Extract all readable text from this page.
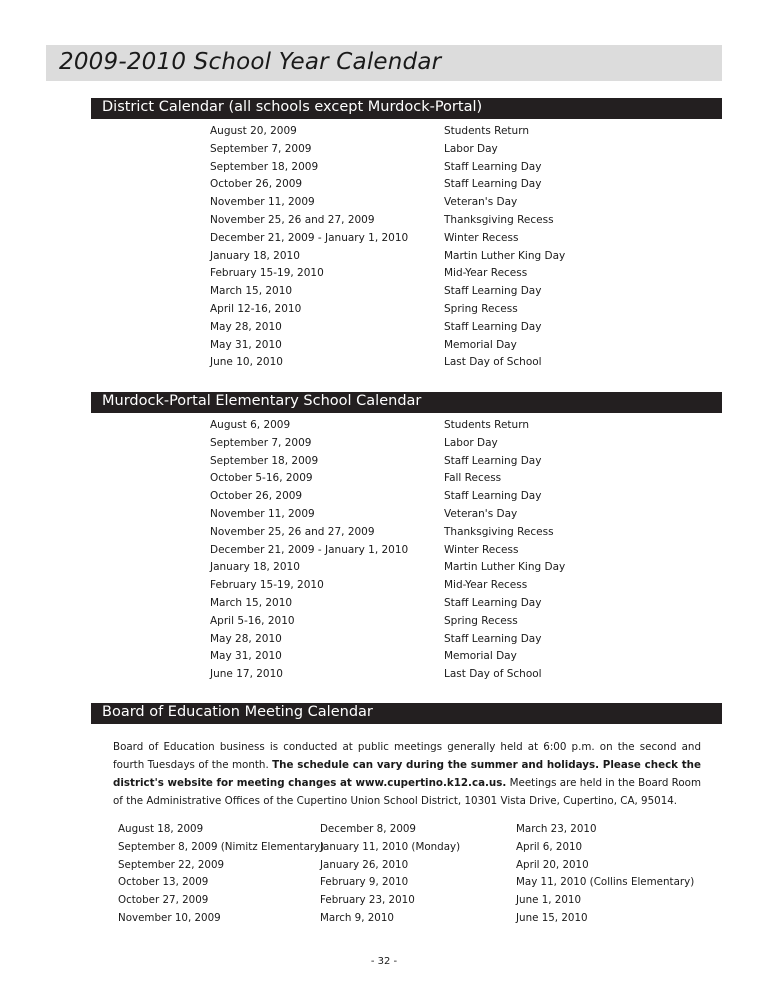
2009-2010 School Year Calendar
District Calendar (all schools except Murdock-Portal)
August 20, 2009	Students Return
September 7, 2009	Labor Day
September 18, 2009	Staff Learning Day
October 26, 2009	Staff Learning Day
November 11, 2009	Veteran's Day
November 25, 26 and 27, 2009	Thanksgiving Recess
December 21, 2009 - January 1, 2010	Winter Recess
January 18, 2010	Martin Luther King Day
February 15-19, 2010	Mid-Year Recess
March 15, 2010	Staff Learning Day
April 12-16, 2010	Spring Recess
May 28, 2010	Staff Learning Day
May 31, 2010	Memorial Day
June 10, 2010	Last Day of School
Murdock-Portal Elementary School Calendar
August 6, 2009	Students Return
September 7, 2009	Labor Day
September 18, 2009	Staff Learning Day
October 5-16, 2009	Fall Recess
October 26, 2009	Staff Learning Day
November 11, 2009	Veteran's Day
November 25, 26 and 27, 2009	Thanksgiving Recess
December 21, 2009 - January 1, 2010	Winter Recess
January 18, 2010	Martin Luther King Day
February 15-19, 2010	Mid-Year Recess
March 15, 2010	Staff Learning Day
April 5-16, 2010	Spring Recess
May 28, 2010	Staff Learning Day
May 31, 2010	Memorial Day
June 17, 2010	Last Day of School
Board of Education Meeting Calendar

Board of Education business is conducted at public meetings generally held at 6:00 p.m. on the second and fourth Tuesdays of the month. The schedule can vary during the summer and holidays. Please check the district's website for meeting changes at www.cupertino.k12.ca.us. Meetings are held in the Board Room of the Administrative Offices of the Cupertino Union School District, 10301 Vista Drive, Cupertino, CA, 95014.

August 18, 2009
September 8, 2009 (Nimitz Elementary)
September 22, 2009
October 13, 2009
October 27, 2009
November 10, 2009
December 8, 2009
January 11, 2010 (Monday)
January 26, 2010
February 9, 2010
February 23, 2010
March 9, 2010
March 23, 2010
April 6, 2010
April 20, 2010
May 11, 2010 (Collins Elementary)
June 1, 2010
June 15, 2010
- 32 -
